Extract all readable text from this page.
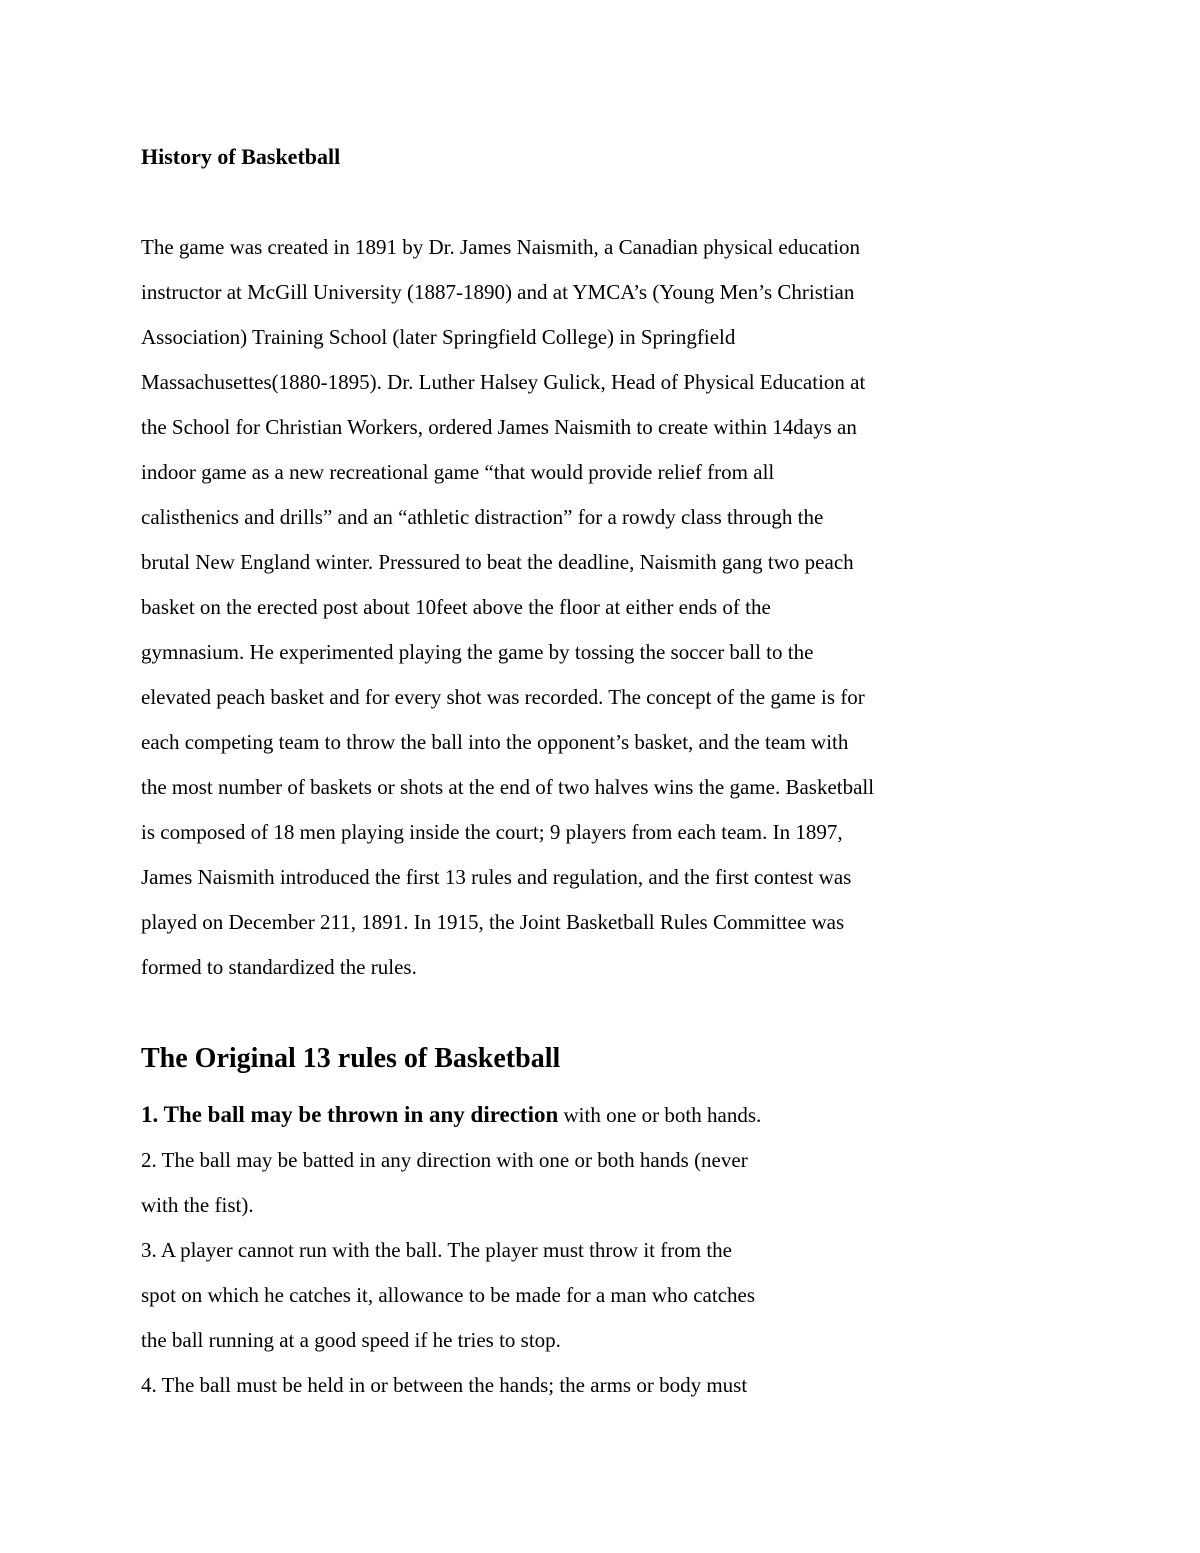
History of Basketball
The game was created in 1891 by Dr. James Naismith, a Canadian physical education
instructor at McGill University (1887-1890) and at YMCA’s (Young Men’s Christian
Association) Training School (later Springfield College) in Springfield
Massachusettes(1880-1895). Dr. Luther Halsey Gulick, Head of Physical Education at
the School for Christian Workers, ordered James Naismith to create within 14days an
indoor game as a new recreational game “that would provide relief from all
calisthenics and drills” and an “athletic distraction” for a rowdy class through the
brutal New England winter. Pressured to beat the deadline, Naismith gang two peach
basket on the erected post about 10feet above the floor at either ends of the
gymnasium. He experimented playing the game by tossing the soccer ball to the
elevated peach basket and for every shot was recorded. The concept of the game is for
each competing team to throw the ball into the opponent’s basket, and the team with
the most number of baskets or shots at the end of two halves wins the game. Basketball
is composed of 18 men playing inside the court; 9 players from each team. In 1897,
James Naismith introduced the first 13 rules and regulation, and the first contest was
played on December 211, 1891. In 1915, the Joint Basketball Rules Committee was
formed to standardized the rules.
The Original 13 rules of Basketball
1. The ball may be thrown in any direction with one or both hands.
2. The ball may be batted in any direction with one or both hands (never
with the fist).
3. A player cannot run with the ball. The player must throw it from the
spot on which he catches it, allowance to be made for a man who catches
the ball running at a good speed if he tries to stop.
4. The ball must be held in or between the hands; the arms or body must
